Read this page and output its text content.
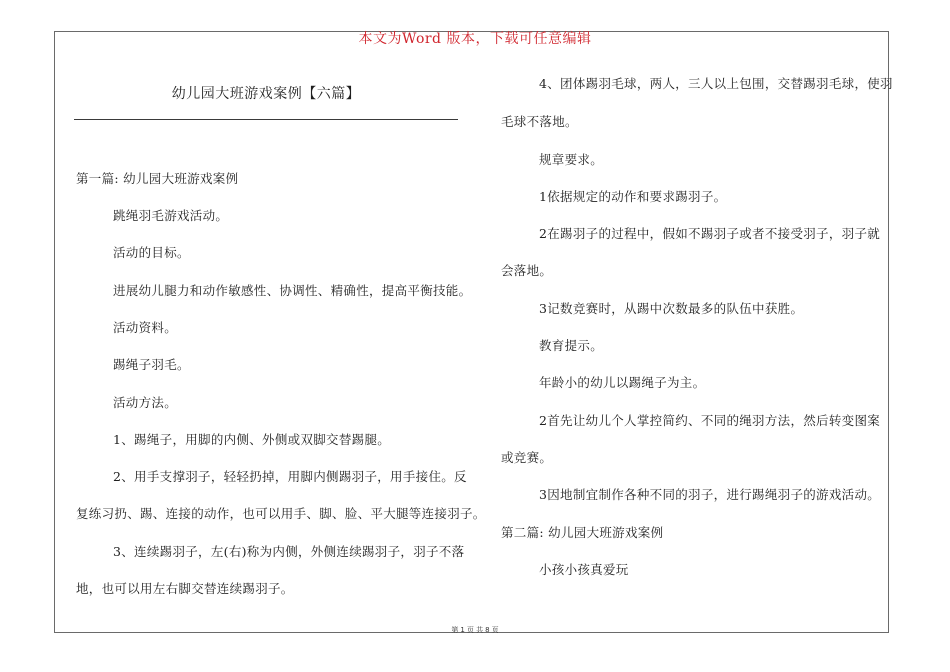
本文为Word 版本，下载可任意编辑
幼儿园大班游戏案例【六篇】
第一篇: 幼儿园大班游戏案例
跳绳羽毛游戏活动。
活动的目标。
进展幼儿腿力和动作敏感性、协调性、精确性，提高平衡技能。
活动资料。
踢绳子羽毛。
活动方法。
1、踢绳子，用脚的内侧、外侧或双脚交替踢腿。
2、用手支撑羽子，轻轻扔掉，用脚内侧踢羽子，用手接住。反
复练习扔、踢、连接的动作，也可以用手、脚、脸、平大腿等连接羽子。
3、连续踢羽子，左(右)称为内侧，外侧连续踢羽子，羽子不落
地，也可以用左右脚交替连续踢羽子。
4、团体踢羽毛球，两人，三人以上包围，交替踢羽毛球，使羽
毛球不落地。
规章要求。
1依据规定的动作和要求踢羽子。
2在踢羽子的过程中，假如不踢羽子或者不接受羽子，羽子就
会落地。
3记数竞赛时，从踢中次数最多的队伍中获胜。
教育提示。
年龄小的幼儿以踢绳子为主。
2首先让幼儿个人掌控简约、不同的绳羽方法，然后转变图案
或竞赛。
3因地制宜制作各种不同的羽子，进行踢绳羽子的游戏活动。
第二篇: 幼儿园大班游戏案例
小孩小孩真爱玩
第 1 页 共 8 页
